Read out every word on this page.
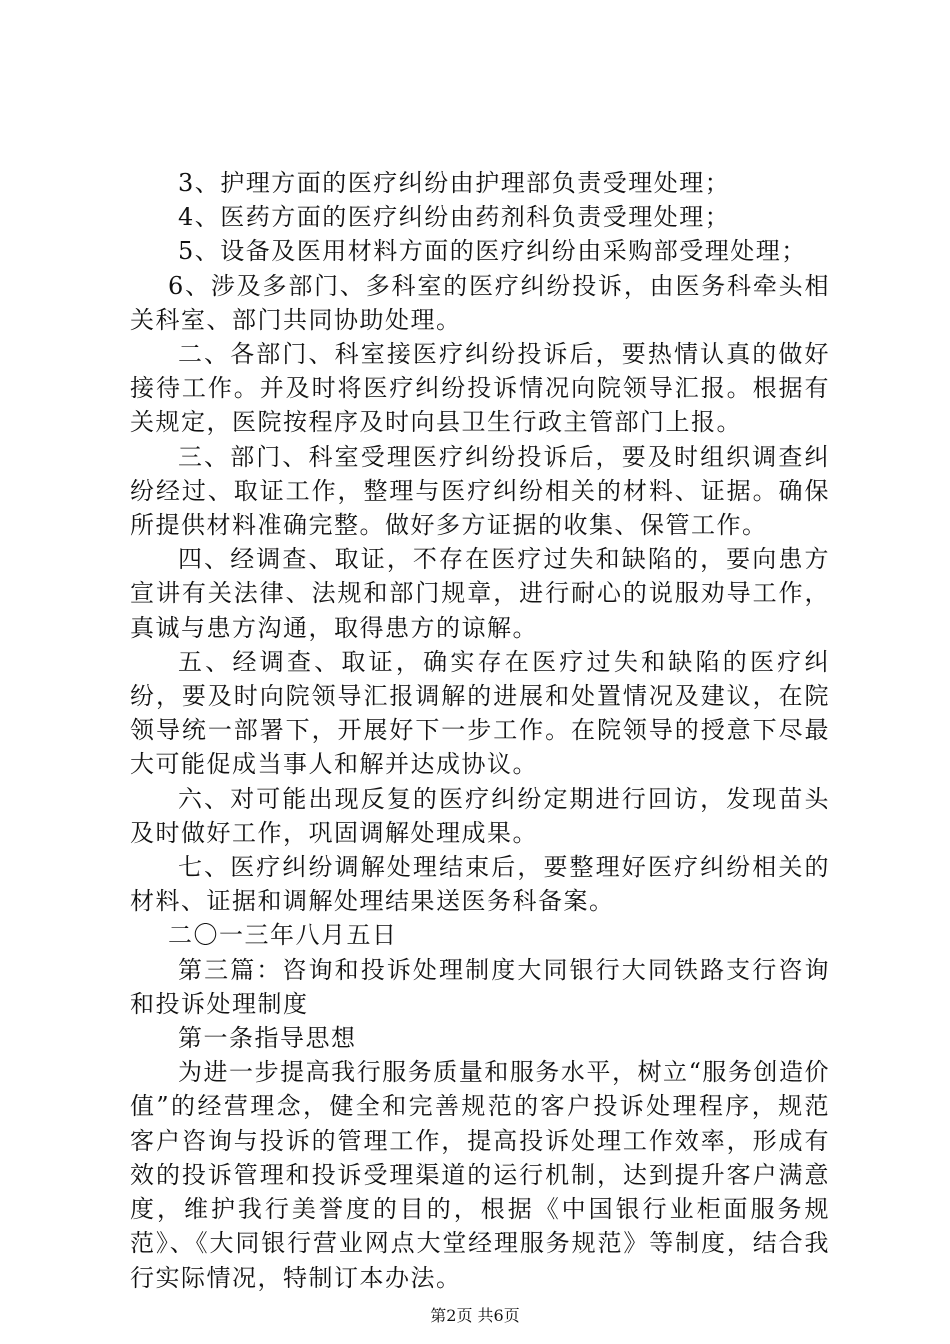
3、护理方面的医疗纠纷由护理部负责受理处理；

4、医药方面的医疗纠纷由药剂科负责受理处理；

5、设备及医用材料方面的医疗纠纷由采购部受理处理；

6、涉及多部门、多科室的医疗纠纷投诉，由医务科牵头相关科室、部门共同协助处理。

二、各部门、科室接医疗纠纷投诉后，要热情认真的做好接待工作。并及时将医疗纠纷投诉情况向院领导汇报。根据有关规定，医院按程序及时向县卫生行政主管部门上报。

三、部门、科室受理医疗纠纷投诉后，要及时组织调查纠纷经过、取证工作，整理与医疗纠纷相关的材料、证据。确保所提供材料准确完整。做好多方证据的收集、保管工作。

四、经调查、取证，不存在医疗过失和缺陷的，要向患方宣讲有关法律、法规和部门规章，进行耐心的说服劝导工作，真诚与患方沟通，取得患方的谅解。

五、经调查、取证，确实存在医疗过失和缺陷的医疗纠纷，要及时向院领导汇报调解的进展和处置情况及建议，在院领导统一部署下，开展好下一步工作。在院领导的授意下尽最大可能促成当事人和解并达成协议。

六、对可能出现反复的医疗纠纷定期进行回访，发现苗头及时做好工作，巩固调解处理成果。

七、医疗纠纷调解处理结束后，要整理好医疗纠纷相关的材料、证据和调解处理结果送医务科备案。

二〇一三年八月五日

第三篇：咨询和投诉处理制度大同银行大同铁路支行咨询和投诉处理制度

第一条指导思想

为进一步提高我行服务质量和服务水平，树立“服务创造价值”的经营理念，健全和完善规范的客户投诉处理程序，规范客户咨询与投诉的管理工作，提高投诉处理工作效率，形成有效的投诉管理和投诉受理渠道的运行机制，达到提升客户满意度，维护我行美誉度的目的，根据《中国银行业柜面服务规范》、《大同银行营业网点大堂经理服务规范》等制度，结合我行实际情况，特制订本办法。

第2页 共6页
